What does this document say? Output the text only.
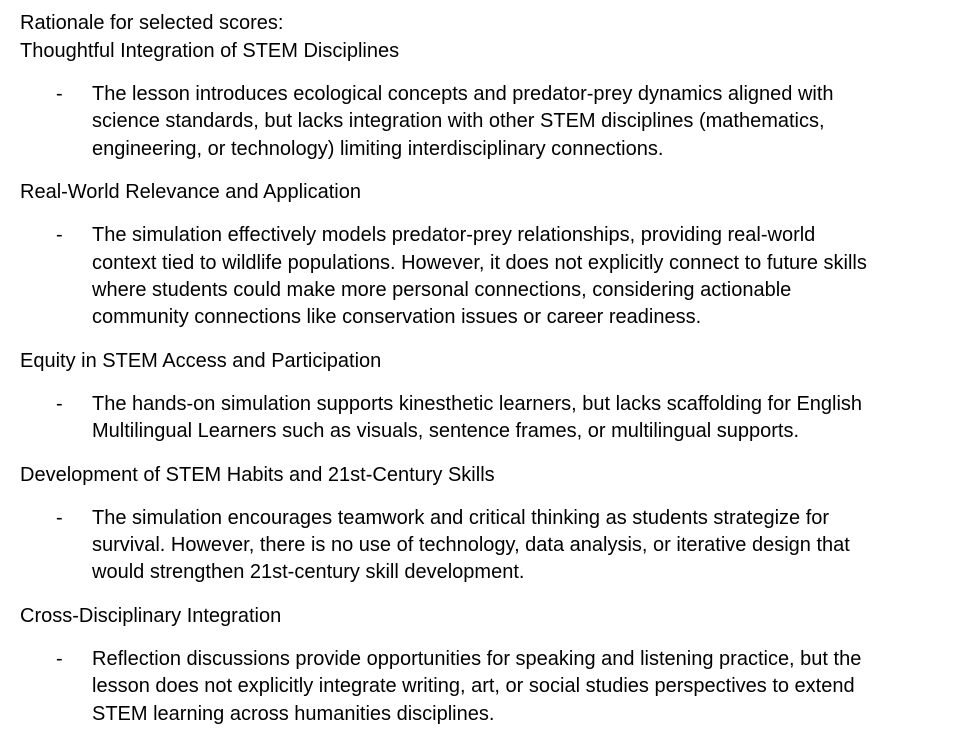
Rationale for selected scores:
Thoughtful Integration of STEM Disciplines
-	The lesson introduces ecological concepts and predator-prey dynamics aligned with
science standards, but lacks integration with other STEM disciplines (mathematics,
engineering, or technology) limiting interdisciplinary connections.
Real-World Relevance and Application
-	The simulation effectively models predator-prey relationships, providing real-world
context tied to wildlife populations. However, it does not explicitly connect to future skills
where students could make more personal connections, considering actionable
community connections like conservation issues or career readiness.
Equity in STEM Access and Participation
-	The hands-on simulation supports kinesthetic learners, but lacks scaffolding for English
Multilingual Learners such as visuals, sentence frames, or multilingual supports.
Development of STEM Habits and 21st-Century Skills
-	The simulation encourages teamwork and critical thinking as students strategize for
survival. However, there is no use of technology, data analysis, or iterative design that
would strengthen 21st-century skill development.
Cross-Disciplinary Integration
-	Reflection discussions provide opportunities for speaking and listening practice, but the
lesson does not explicitly integrate writing, art, or social studies perspectives to extend
STEM learning across humanities disciplines.
